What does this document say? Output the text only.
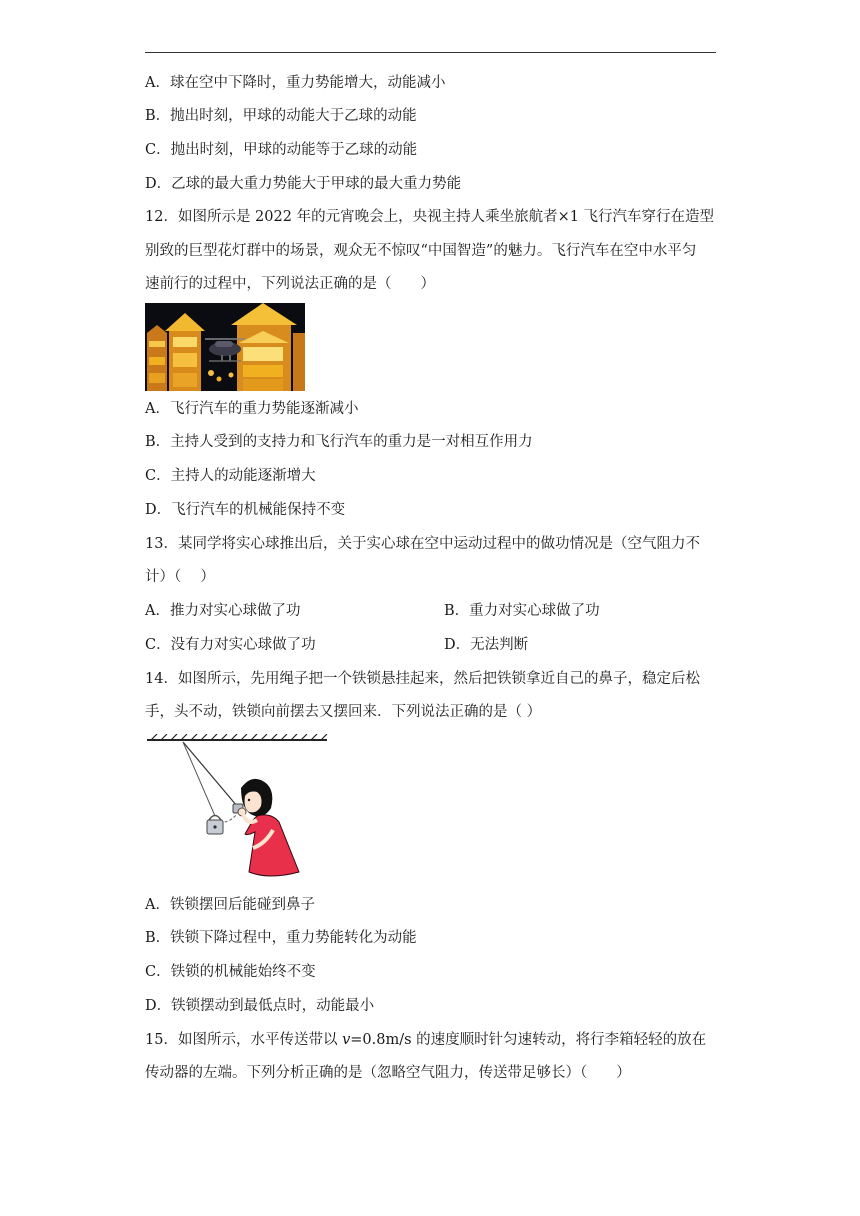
A．球在空中下降时，重力势能增大，动能减小
B．抛出时刻，甲球的动能大于乙球的动能
C．抛出时刻，甲球的动能等于乙球的动能
D．乙球的最大重力势能大于甲球的最大重力势能
12．如图所示是 2022 年的元宵晚会上，央视主持人乘坐旅航者×1 飞行汽车穿行在造型
别致的巨型花灯群中的场景，观众无不惊叹“中国智造”的魅力。飞行汽车在空中水平匀
速前行的过程中，下列说法正确的是（　　）
A．飞行汽车的重力势能逐渐减小
B．主持人受到的支持力和飞行汽车的重力是一对相互作用力
C．主持人的动能逐渐增大
D．飞行汽车的机械能保持不变
13．某同学将实心球推出后，关于实心球在空中运动过程中的做功情况是（空气阻力不
计）（　 ）
A．推力对实心球做了功	B．重力对实心球做了功
C．没有力对实心球做了功	D．无法判断
14．如图所示，先用绳子把一个铁锁悬挂起来，然后把铁锁拿近自己的鼻子，稳定后松
手，头不动，铁锁向前摆去又摆回来．下列说法正确的是（ ）
A．铁锁摆回后能碰到鼻子
B．铁锁下降过程中，重力势能转化为动能
C．铁锁的机械能始终不变
D．铁锁摆动到最低点时，动能最小
15．如图所示，水平传送带以 v=0.8m/s 的速度顺时针匀速转动，将行李箱轻轻的放在
传动器的左端。下列分析正确的是（忽略空气阻力，传送带足够长）（　　）
